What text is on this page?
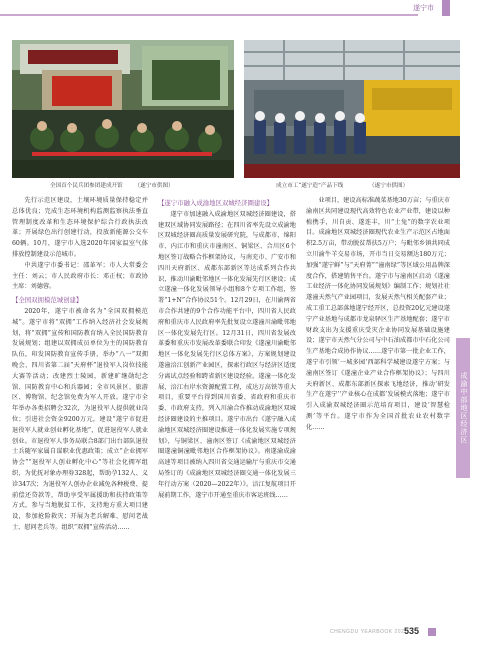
遂宁市
全国首个民兵团参团建成开馆 （遂宁市供图）	成立市工“遂宁造”产品下线	（遂宁市供图）

先行示范区建设，土壤环境质量保持稳定并总体优良；完成生态环境机构监测监察执法垂直管理制度改革和生态环境保护综合行政执法改革；开展绿色出行创建行动，投放新能源公交车60辆。10月，遂宁市入选2020年国家温室气体排放控制建设示范城市。

中共遂宁市委书记：邵革军；市人大常委会主任：刘云；市人民政府市长：邓正权；市政协主席：刘德蓉。

【全国双拥模范城创建】

2020年，遂宁市被命名为“全国双拥模范城”。遂宁市将“双拥”工作纳入经济社会发展规划，将“双拥”宣传和国防教育纳入全民国防教育发展规划；组建以双拥成员单位为主的国防教育队伍，印发国防教育宣传手册，举办“八一”双拥晚会、四川省第二届“天府杯”退役军人岗位技能大赛等活动；改建烈士陵园，新建旷继勋纪念馆、国防教育中心和兵器园；全市风景区、旅游区、博物馆、纪念馆免费为军人开放。遂宁市全年举办各类招聘会32次，为退役军人提供就业岗位；引进社会资金9200万元，建设“遂宁市促进退役军人就业创业孵化基地”，促进退役军人就业创业。市退役军人事务局联合8部门出台部队退役士兵随军家属自谋职业优惠政策；成立“企业拥军协会”“退役军人创业孵化中心”等社会化拥军组织，为优抚对象办理券328起，帮助孕132人、义诊347次；为退役军人创办企业减免各种税费、提前偿还贷款等，帮助享受军属援助和扶持政策等方式，参与当地脱贫工作，支持地方重大项目建设，参加抢险救灾；开展为老兵解难、慰问老战士、慰问老兵等。组织“双拥”宣传活动……

【遂宁市融入成渝地区双城经济圈建设】

遂宁市加速融入成渝地区双城经济圈建设，搭建双区域协同发展路径；在四川省率先设立成渝地区双城经济圈高质量发展研究院，与成都市、绵阳市、内江市和重庆市潼南区、铜梁区、合川区6个地区签订战略合作框架协议，与南充市、广安市和四川天府新区、成都东部新区等达成系列合作共识，推动川渝毗邻地区一体化发展先行区建设；成立遂潼一体化发展领导小组和8个专项工作组，签署“1+N”合作协议51个。12月29日，在川渝两省市合作共建的9个合作功能平台中，四川省人民政府和重庆市人民政府率先批复设立遂潼川渝毗邻地区一体化发展先行区。12月31日，四川省发展改革委和重庆市发展改革委联合印发《遂潼川渝毗邻地区一体化发展先行区总体方案》，方案规划建设遂潼涪江创新产业园区，探索行政区与经济区适度分离试点经验和跨省新区建设经验。遂潼一体化发展，涪江右岸水资源配置工程，成达万高铁等重大项目，重要平台得到国川省委、省政府和重庆市委、市政府支持，列入川渝合作推动成渝地区双城经济圈建设的主推项目。遂宁市出台《遂宁融入成渝地区双城经济圈建设推进一体化发展实施专项规划》，与铜梁区、潼南区签订《成渝地区双城经济圈遂潼铜潼毗邻地区合作框架协议》。南遂渝成渝高速等项目被纳入四川省交通运输厅与重庆市交通局签订的《成渝地区双城经济圈交通一体化发展三年行动方案（2020—2022年）》。涪江复航项目开展前期工作，遂宁市开通至重庆市客运班线……

业项目，建设高标准蔬菜基地30万亩；与重庆市渝南区共同建设现代高效特色农业产业带，建设以种植携手，川自贡、遂连丰，川“土兔”的数字农业项目。成渝地区双城经济圈现代农业生产示范区占地面积2.5万亩，带动脱贫帮扶5万户；与毗邻乡镇共同成立川渝牛羊交易市场，开市当日交易额达180万元；加强“遂宁鲜”与“天府菁”“潼南绿”等区域公用品牌深度合作，搭建销售平台。遂宁市与潼南区启动《遂潼工业经济一体化协同发展规划》编制工作；规划社社遂潼天然气产业园项目，发展天然气相关配套产业；成工重工总部落地遂宁经开区，总投资20亿元建设遂宁产业基地与成都市龙泉驿区生产基地配套；遂宁市财政支出为支援重庆受灾企业协同发展基础设施建设；遂宁市天然气分公司与中石油成都市中石化公司生产基地合成协作协议……遂宁市第一批企业工作，遂宁市引领‘一城多园’西部科学城建设遂宁方案；与潼南区签订《遂潼企业产业合作框架协议》；与四川天府新区、成都东部新区探索飞地经济，推动‘研发生产在遂宁’‘产业核心在成都’发展模式落地；遂宁市引入成渝双城经济圈示范培育项目，建设‘智慧检测’等平台。遂宁市作为全国首批农业农村数字化……	成渝中部地区经济区
CHENGDU YEARBOOK 2021
535
